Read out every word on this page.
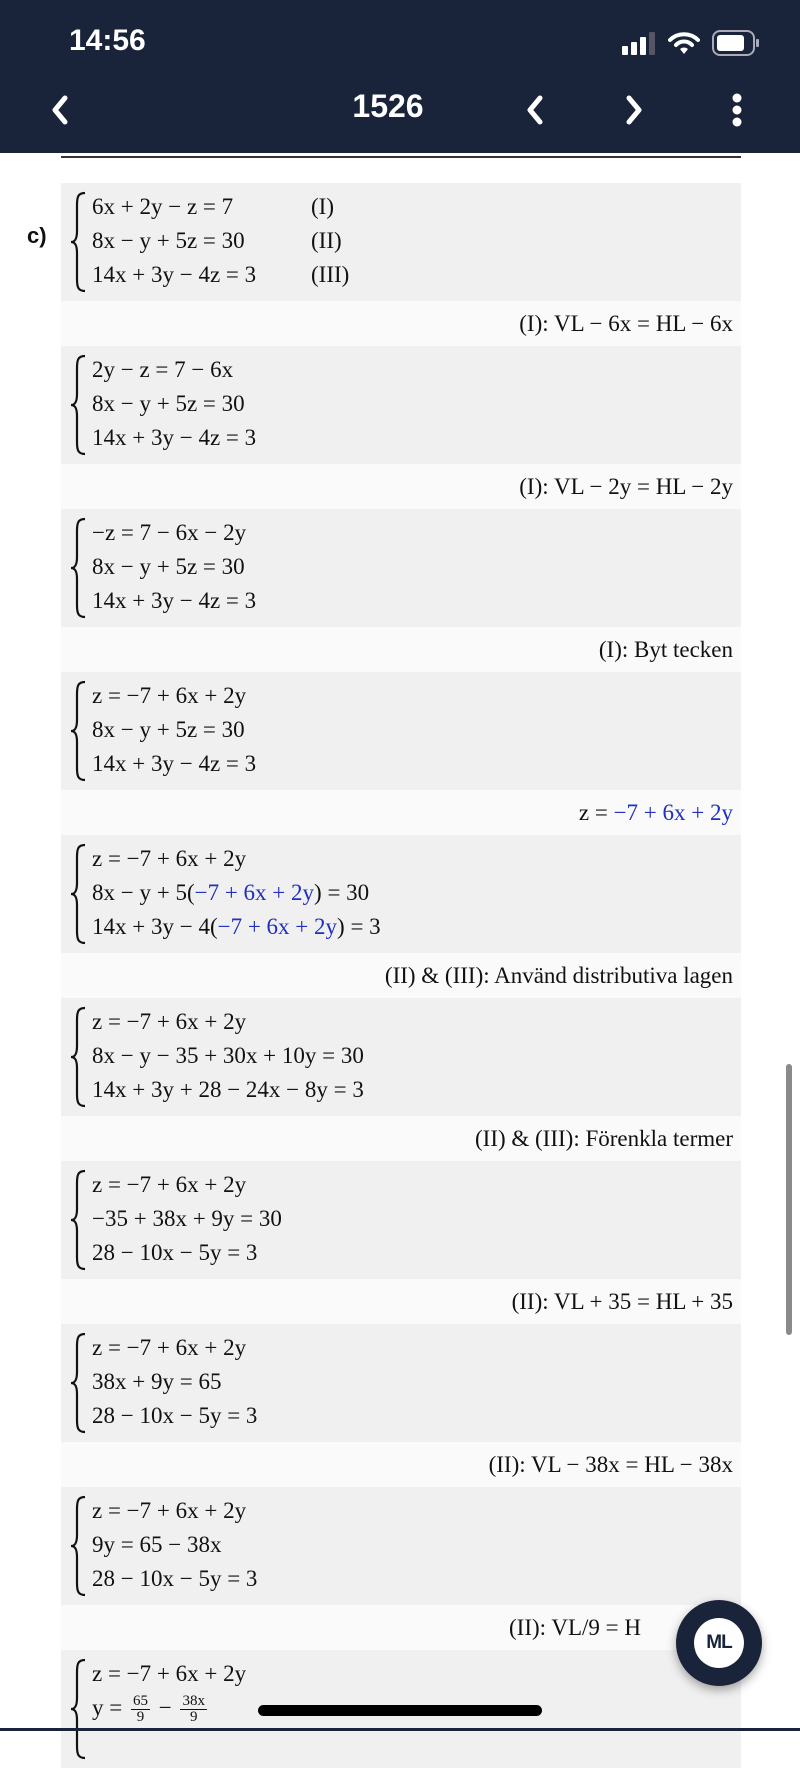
14:56
1526
c)
6x + 2y − z = 7	(I)
8x − y + 5z = 30	(II)
14x + 3y − 4z = 3	(III)
(I): VL − 6x = HL − 6x
2y − z = 7 − 6x
8x − y + 5z = 30
14x + 3y − 4z = 3
(I): VL − 2y = HL − 2y
−z = 7 − 6x − 2y
8x − y + 5z = 30
14x + 3y − 4z = 3
(I): Byt tecken
z = −7 + 6x + 2y
8x − y + 5z = 30
14x + 3y − 4z = 3
z = −7 + 6x + 2y
z = −7 + 6x + 2y
8x − y + 5(−7 + 6x + 2y) = 30
14x + 3y − 4(−7 + 6x + 2y) = 3
(II) & (III): Använd distributiva lagen
z = −7 + 6x + 2y
8x − y − 35 + 30x + 10y = 30
14x + 3y + 28 − 24x − 8y = 3
(II) & (III): Förenkla termer
z = −7 + 6x + 2y
−35 + 38x + 9y = 30
28 − 10x − 5y = 3
(II): VL + 35 = HL + 35
z = −7 + 6x + 2y
38x + 9y = 65
28 − 10x − 5y = 3
(II): VL − 38x = HL − 38x
z = −7 + 6x + 2y
9y = 65 − 38x
28 − 10x − 5y = 3
(II): VL/9 = H
z = −7 + 6x + 2y
$y = \frac{65}{9} - \frac{38x}{9}$
ML
